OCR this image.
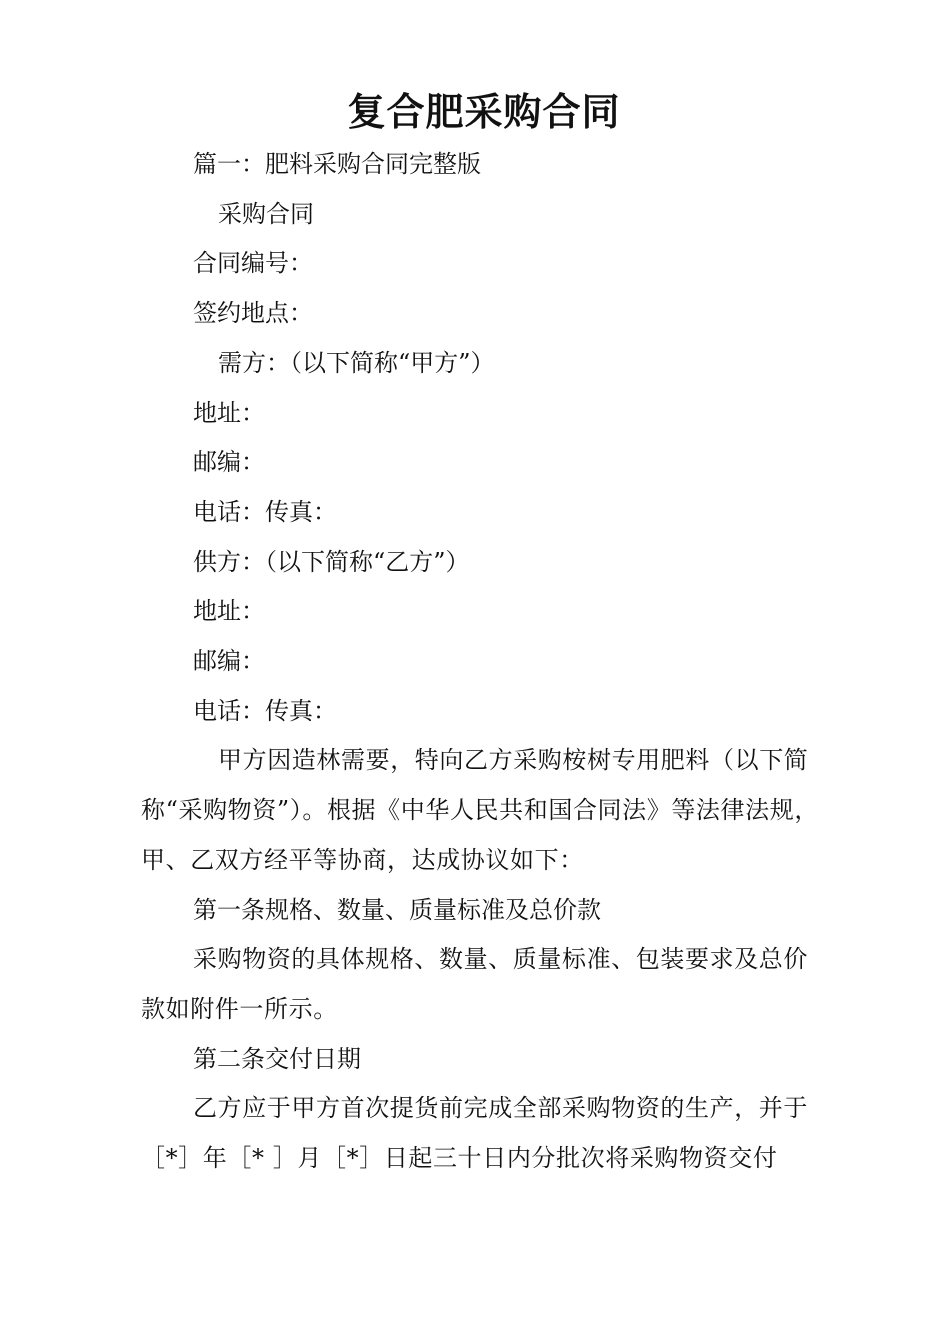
复合肥采购合同

篇一：肥料采购合同完整版

采购合同

合同编号：

签约地点：

需方：（以下简称“甲方”）

地址：

邮编：

电话：传真：

供方：（以下简称“乙方”）

地址：

邮编：

电话：传真：

甲方因造林需要，特向乙方采购桉树专用肥料（以下简称“采购物资”）。根据《中华人民共和国合同法》等法律法规，甲、乙双方经平等协商，达成协议如下：

第一条规格、数量、质量标准及总价款

采购物资的具体规格、数量、质量标准、包装要求及总价款如附件一所示。

第二条交付日期

乙方应于甲方首次提货前完成全部采购物资的生产，并于［*］年［* ］月［*］日起三十日内分批次将采购物资交付
